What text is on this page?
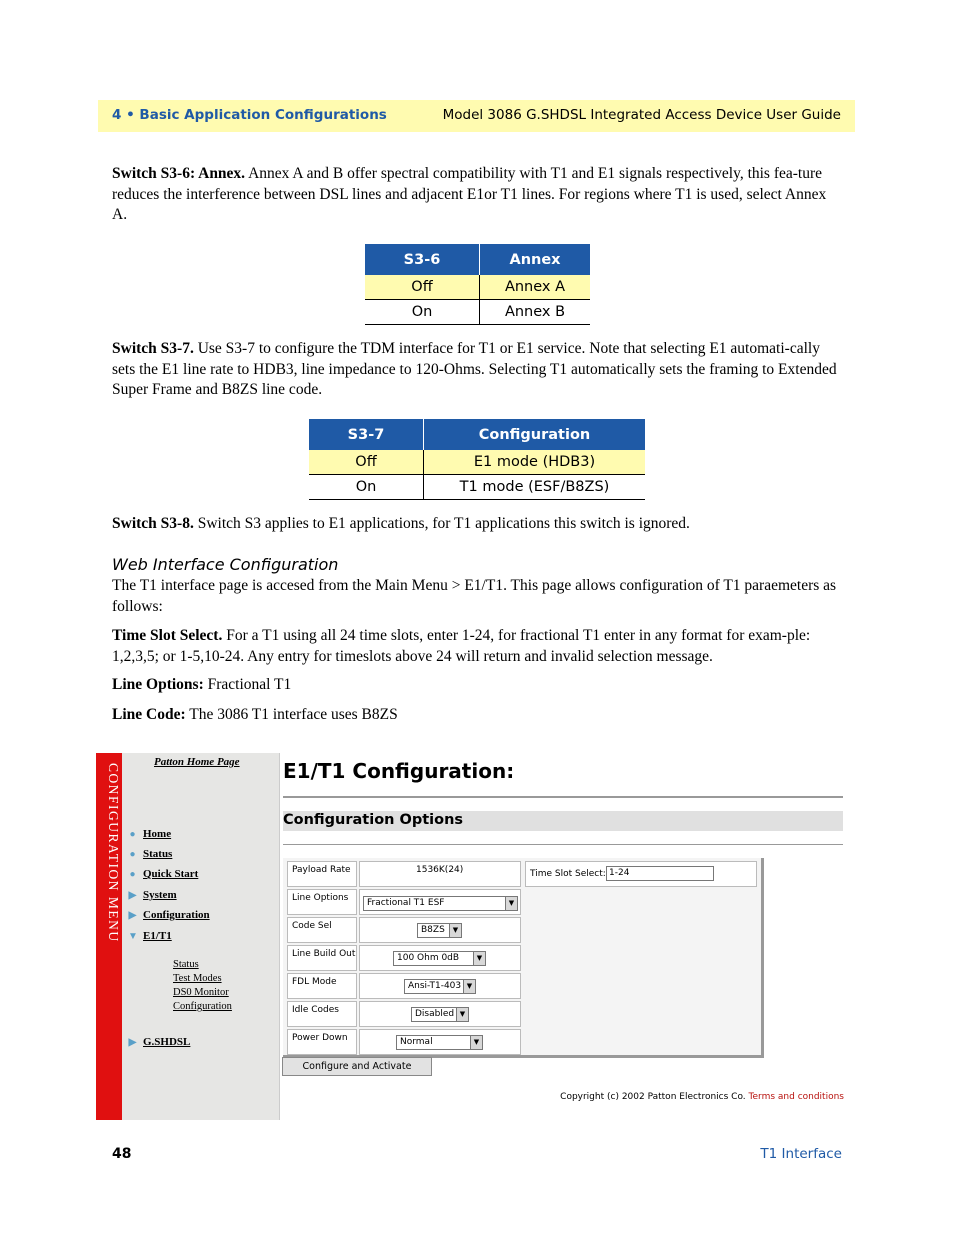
4 • Basic Application Configurations	Model 3086 G.SHDSL Integrated Access Device User Guide
Switch S3-6: Annex. Annex A and B offer spectral compatibility with T1 and E1 signals respectively, this fea-ture reduces the interference between DSL lines and adjacent E1or T1 lines. For regions where T1 is used, select Annex A.
S3-6	Annex
Off	Annex A
On	Annex B
Switch S3-7. Use S3-7 to configure the TDM interface for T1 or E1 service. Note that selecting E1 automati-cally sets the E1 line rate to HDB3, line impedance to 120-Ohms. Selecting T1 automatically sets the framing to Extended Super Frame and B8ZS line code.
S3-7	Configuration
Off	E1 mode (HDB3)
On	T1 mode (ESF/B8ZS)
Switch S3-8. Switch S3 applies to E1 applications, for T1 applications this switch is ignored.
Web Interface Configuration
The T1 interface page is accesed from the Main Menu > E1/T1. This page allows configuration of T1 paraemeters as follows:
Time Slot Select. For a T1 using all 24 time slots, enter 1-24, for fractional T1 enter in any format for exam-ple: 1,2,3,5; or 1-5,10-24. Any entry for timeslots above 24 will return and invalid selection message.
Line Options: Fractional T1
Line Code: The 3086 T1 interface uses B8ZS
CONFIGURATION MENU
Patton Home Page
● Home
● Status
● Quick Start
▶ System
▶ Configuration
▼ E1/T1
Status
Test Modes
DS0 Monitor
Configuration
▶ G.SHDSL
E1/T1 Configuration:
Configuration Options
Payload Rate	1536K(24)	Time Slot Select: 1-24
Line Options Fractional T1 ESF	▼
Code Sel	B8ZS	▼
Line Build Out	100 Ohm 0dB	▼
FDL Mode	Ansi-T1-403 ▼
Idle Codes	Disabled ▼
Power Down	Normal	▼
Configure and Activate
Copyright (c) 2002 Patton Electronics Co. Terms and conditions
48	T1 Interface
